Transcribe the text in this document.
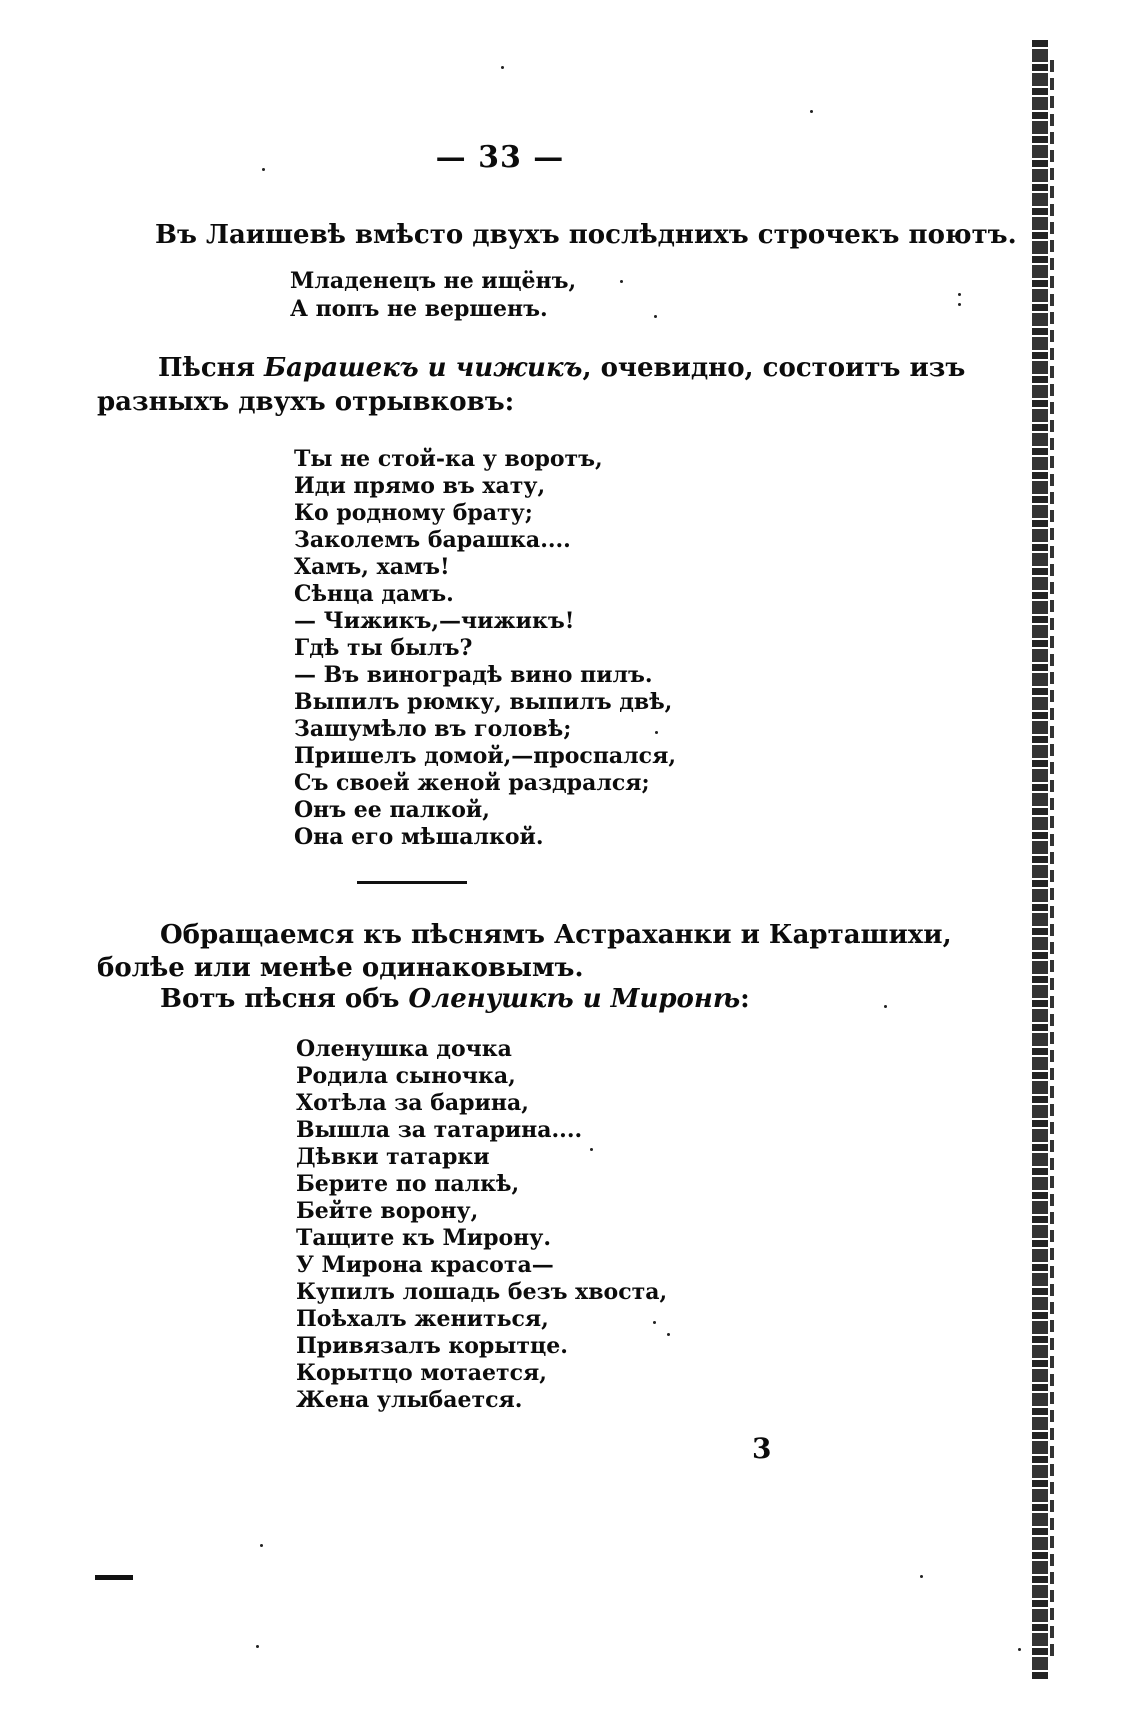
— 33 —
Въ Лаишевѣ вмѣсто двухъ послѣднихъ строчекъ поютъ.
Младенецъ не ищёнъ,
А попъ не вершенъ.
Пѣсня Барашекъ и чижикъ, очевидно, состоитъ изъ
разныхъ двухъ отрывковъ:
Ты не стой-ка у воротъ,
Иди прямо въ хату,
Ко родному брату;
Заколемъ барашка....
Хамъ, хамъ!
Сѣнца дамъ.
— Чижикъ,—чижикъ!
Гдѣ ты былъ?
— Въ виноградѣ вино пилъ.
Выпилъ рюмку, выпилъ двѣ,
Зашумѣло въ головѣ;
Пришелъ домой,—проспался,
Съ своей женой раздрался;
Онъ ее палкой,
Она его мѣшалкой.
Обращаемся къ пѣснямъ Астраханки и Карташихи,
болѣе или менѣе одинаковымъ.
Вотъ пѣсня объ Оленушкѣ и Миронѣ:
Оленушка дочка
Родила сыночка,
Хотѣла за барина,
Вышла за татарина....
Дѣвки татарки
Берите по палкѣ,
Бейте ворону,
Тащите къ Мирону.
У Мирона красота—
Купилъ лошадь безъ хвоста,
Поѣхалъ жениться,
Привязалъ корытце.
Корытцо мотается,
Жена улыбается.
3
